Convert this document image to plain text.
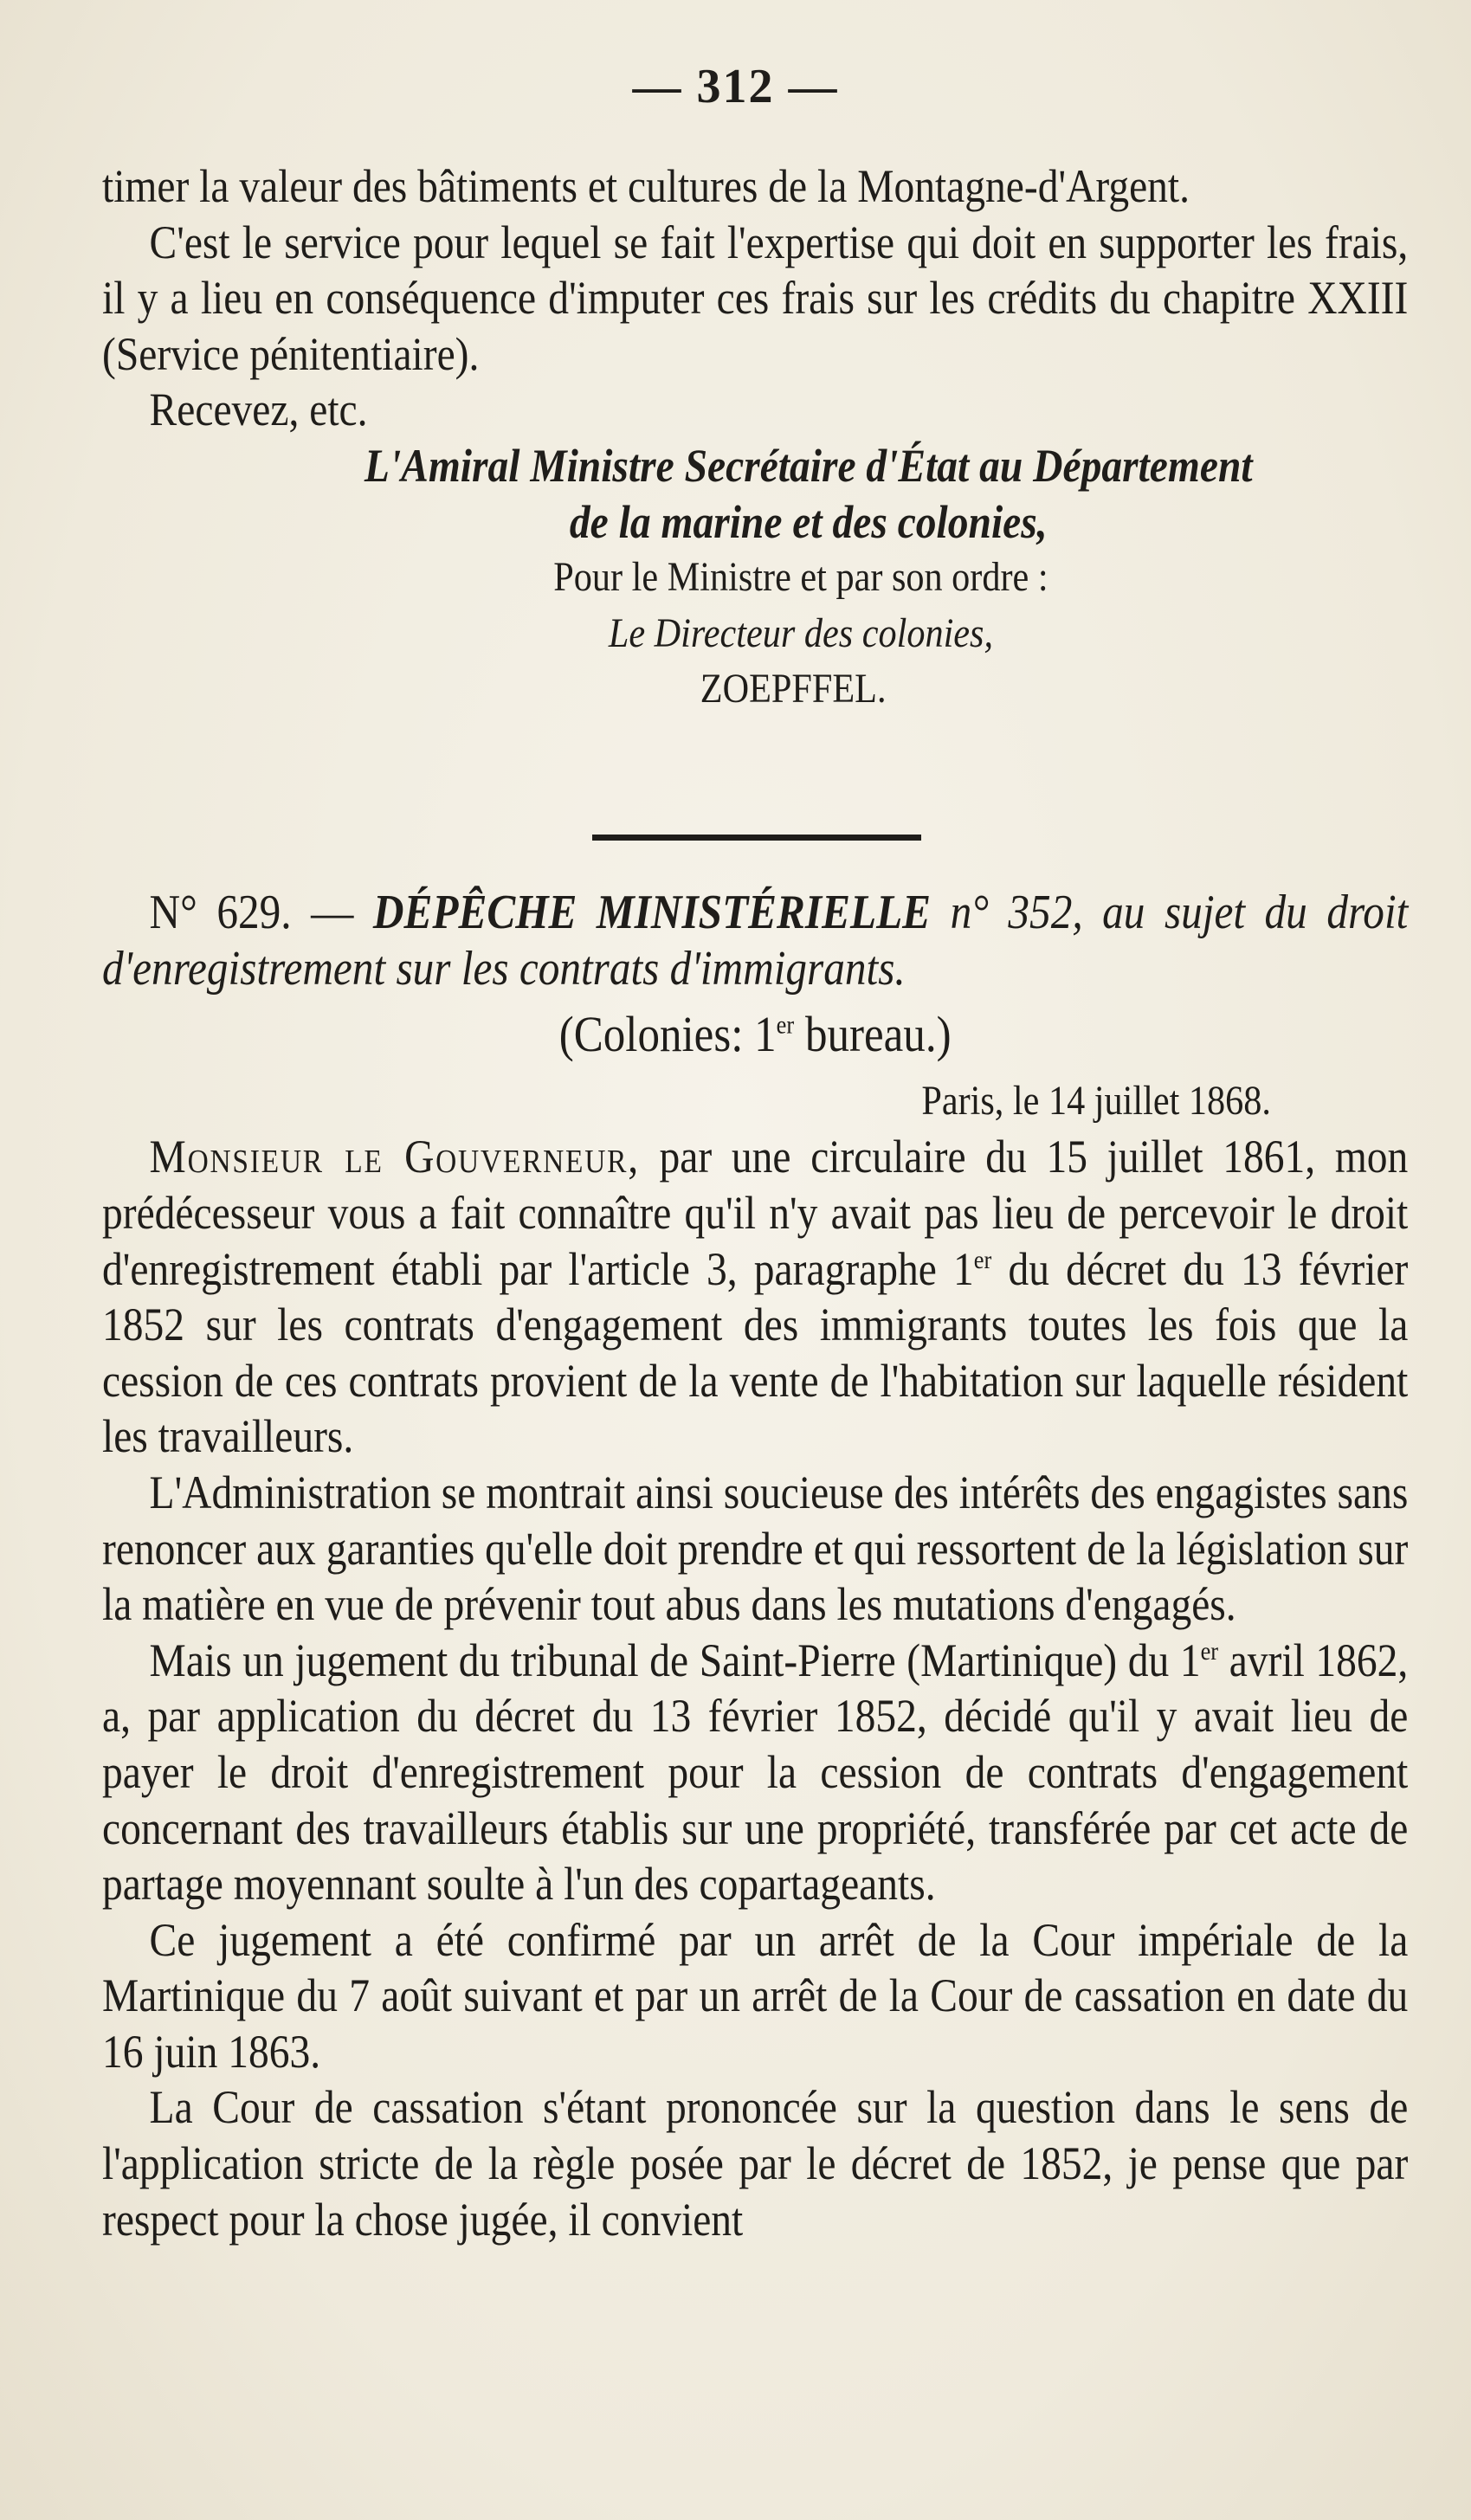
— 312 —

timer la valeur des bâtiments et cultures de la Montagne-d'Argent.

C'est le service pour lequel se fait l'expertise qui doit en supporter les frais, il y a lieu en conséquence d'imputer ces frais sur les crédits du chapitre XXIII (Service pénitentiaire).

Recevez, etc.

L'Amiral Ministre Secrétaire d'État au Département

de la marine et des colonies,

Pour le Ministre et par son ordre :

Le Directeur des colonies,

ZOEPFFEL.

N° 629. — DÉPÊCHE MINISTÉRIELLE n° 352, au sujet du droit d'enregistrement sur les contrats d'immigrants.

(Colonies: 1er bureau.)

Paris, le 14 juillet 1868.

Monsieur le Gouverneur, par une circulaire du 15 juillet 1861, mon prédécesseur vous a fait connaître qu'il n'y avait pas lieu de percevoir le droit d'enregistrement établi par l'article 3, paragraphe 1er du décret du 13 février 1852 sur les contrats d'engagement des immigrants toutes les fois que la cession de ces contrats provient de la vente de l'habitation sur laquelle résident les travailleurs.

L'Administration se montrait ainsi soucieuse des intérêts des engagistes sans renoncer aux garanties qu'elle doit prendre et qui ressortent de la législation sur la matière en vue de prévenir tout abus dans les mutations d'engagés.

Mais un jugement du tribunal de Saint-Pierre (Martinique) du 1er avril 1862, a, par application du décret du 13 février 1852, décidé qu'il y avait lieu de payer le droit d'enregistrement pour la cession de contrats d'engagement concernant des travailleurs établis sur une propriété, transférée par cet acte de partage moyennant soulte à l'un des copartageants.

Ce jugement a été confirmé par un arrêt de la Cour impériale de la Martinique du 7 août suivant et par un arrêt de la Cour de cassation en date du 16 juin 1863.

La Cour de cassation s'étant prononcée sur la question dans le sens de l'application stricte de la règle posée par le décret de 1852, je pense que par respect pour la chose jugée, il convient
